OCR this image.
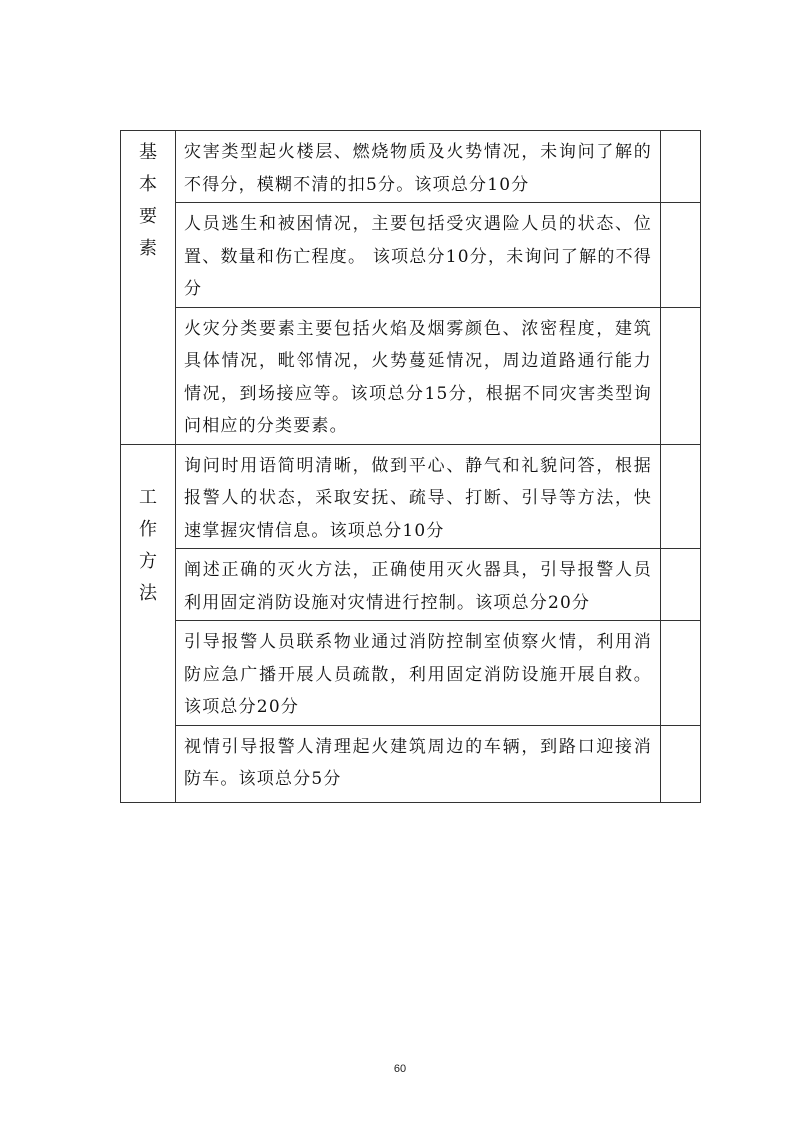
基
本
要
素	灾害类型起火楼层、燃烧物质及火势情况，未询问了解的不得分，模糊不清的扣5分。该项总分10分	
	人员逃生和被困情况，主要包括受灾遇险人员的状态、位置、数量和伤亡程度。 该项总分10分，未询问了解的不得分	
	火灾分类要素主要包括火焰及烟雾颜色、浓密程度，建筑具体情况，毗邻情况，火势蔓延情况，周边道路通行能力情况，到场接应等。该项总分15分，根据不同灾害类型询问相应的分类要素。	

工
作
方
法	询问时用语简明清晰，做到平心、静气和礼貌问答，根据报警人的状态，采取安抚、疏导、打断、引导等方法，快速掌握灾情信息。该项总分10分	
	阐述正确的灭火方法，正确使用灭火器具，引导报警人员利用固定消防设施对灾情进行控制。该项总分20分	
	引导报警人员联系物业通过消防控制室侦察火情，利用消防应急广播开展人员疏散，利用固定消防设施开展自救。该项总分20分	
	视情引导报警人清理起火建筑周边的车辆，到路口迎接消防车。该项总分5分	
60
